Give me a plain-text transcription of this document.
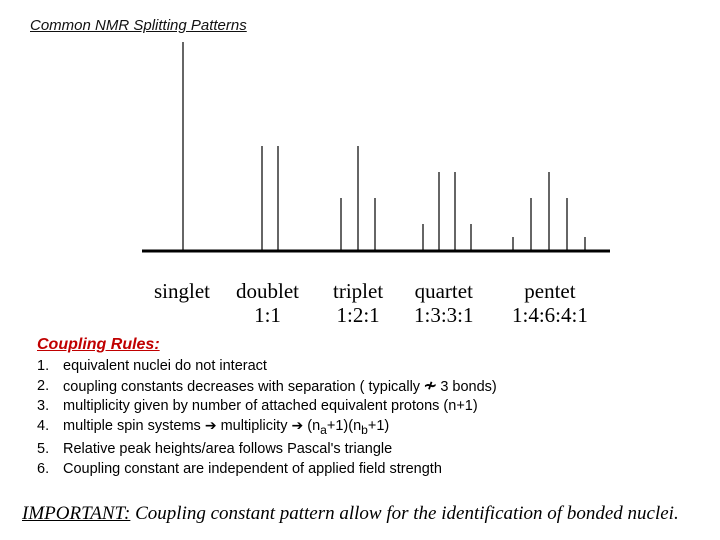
Common NMR Splitting Patterns
singlet doublet
1:1
triplet
1:2:1
quartet
1:3:3:1
pentet
1:4:6:4:1
Coupling Rules:
1. equivalent nuclei do not interact
2. coupling constants decreases with separation ( typically ≁ 3 bonds)
3. multiplicity given by number of attached equivalent protons (n+1)
4. multiple spin systems ➔ multiplicity ➔ $(n_a+1)(n_b+1)$
5. Relative peak heights/area follows Pascal's triangle
6. Coupling constant are independent of applied field strength
IMPORTANT: Coupling constant pattern allow for the identification of bonded nuclei.
